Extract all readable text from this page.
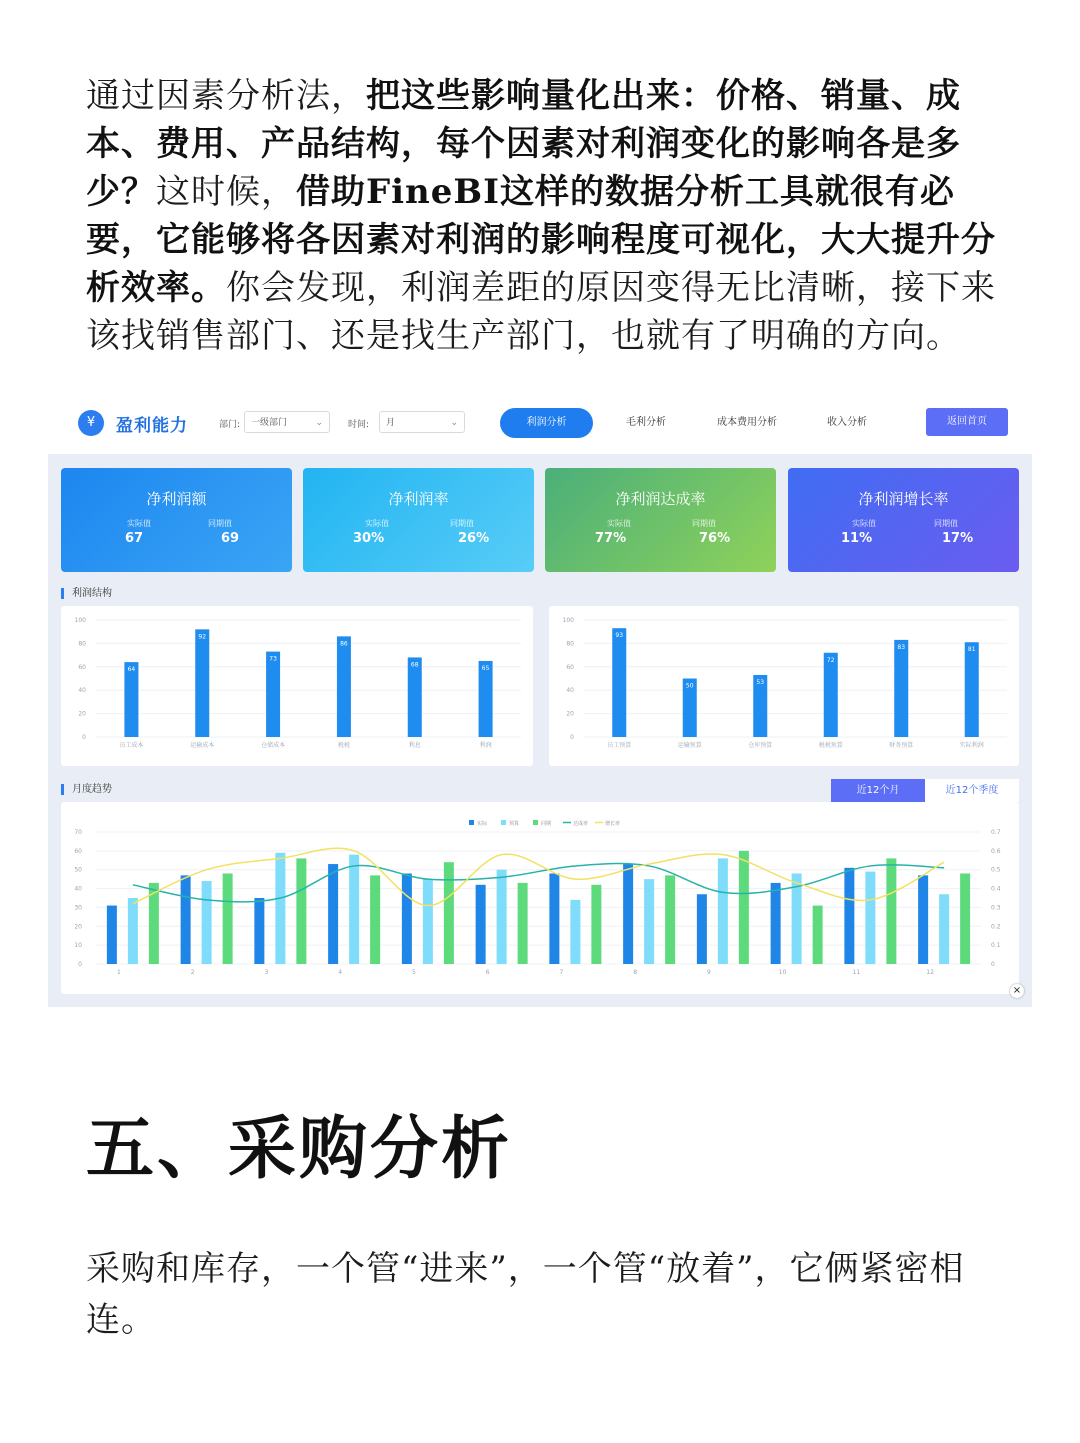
通过因素分析法，把这些影响量化出来：价格、销量、成本、费用、产品结构，每个因素对利润变化的影响各是多少？这时候，借助FineBI这样的数据分析工具就很有必要，它能够将各因素对利润的影响程度可视化，大大提升分析效率。你会发现，利润差距的原因变得无比清晰，接下来该找销售部门、还是找生产部门，也就有了明确的方向。
¥	盈利能力	部门:	一级部门	⌄	时间:	月	⌄	利润分析	毛利分析	成本费用分析	收入分析	返回首页
净利润额
实际值
67
同期值
69
净利润率
实际值
30%
同期值
26%
净利润达成率
实际值
77%
同期值
76%
净利润增长率
实际值
11%
同期值
17%
利润结构
0
20
40
60
80
100
64
员工成本
92
运输成本
73
仓储成本
86
税税
68
利息
65
利润
0
20
40
60
80
100
93
员工预算
50
运输预算
53
仓库预算
72
税税预算
83
财务预算
81
实际利润
月度趋势	近12个月	近12个季度
0
10
20
30
40
50
60
70
0
0.1
0.2
0.3
0.4
0.5
0.6
0.7
实际	预算	同期	达成率	增长率
1	2	3	4	5	6	7	8	9	10	11	12
×
五、采购分析
采购和库存，一个管“进来”，一个管“放着”，它俩紧密相连。
